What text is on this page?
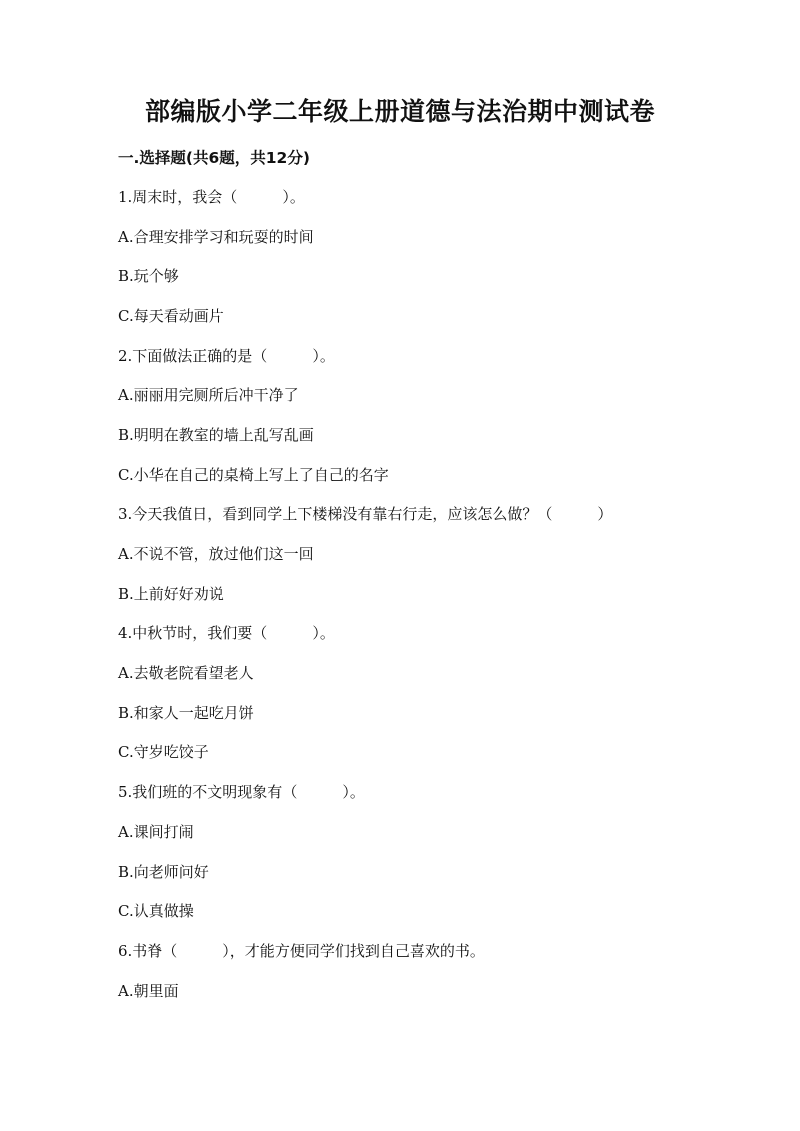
部编版小学二年级上册道德与法治期中测试卷
一.选择题(共6题，共12分)
1.周末时，我会（　　　）。
A.合理安排学习和玩耍的时间
B.玩个够
C.每天看动画片
2.下面做法正确的是（　　　）。
A.丽丽用完厕所后冲干净了
B.明明在教室的墙上乱写乱画
C.小华在自己的桌椅上写上了自己的名字
3.今天我值日，看到同学上下楼梯没有靠右行走，应该怎么做？（　　　）
A.不说不管，放过他们这一回
B.上前好好劝说
4.中秋节时，我们要（　　　）。
A.去敬老院看望老人
B.和家人一起吃月饼
C.守岁吃饺子
5.我们班的不文明现象有（　　　）。
A.课间打闹
B.向老师问好
C.认真做操
6.书脊（　　　），才能方便同学们找到自己喜欢的书。
A.朝里面
